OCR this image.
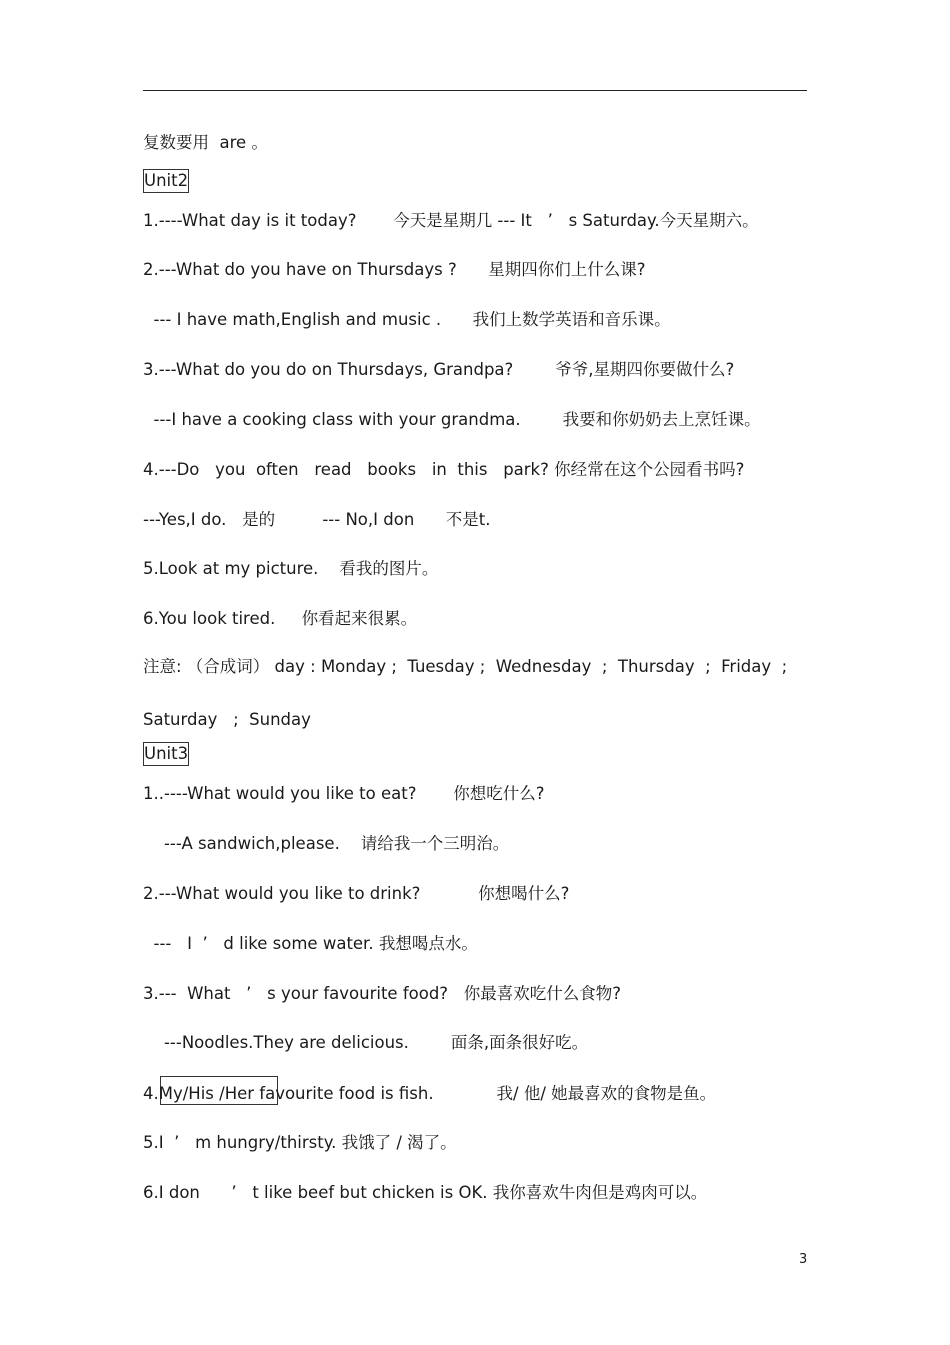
复数要用  are 。
Unit2
1.----What day is it today?       今天是星期几 --- It   ’   s Saturday.今天星期六。
2.---What do you have on Thursdays ?      星期四你们上什么课?
--- I have math,English and music .      我们上数学英语和音乐课。
3.---What do you do on Thursdays, Grandpa?        爷爷,星期四你要做什么?
---I have a cooking class with your grandma.        我要和你奶奶去上烹饪课。
4.---Do   you  often   read   books   in  this   park? 你经常在这个公园看书吗?
---Yes,I do.   是的         --- No,I don      不是t.
5.Look at my picture.    看我的图片。
6.You look tired.     你看起来很累。
注意: （合成词） day : Monday ;  Tuesday ;  Wednesday  ;  Thursday  ;  Friday  ;
Saturday   ;  Sunday
Unit3
1..----What would you like to eat?       你想吃什么?
---A sandwich,please.    请给我一个三明治。
2.---What would you like to drink?           你想喝什么?
---   I  ’   d like some water. 我想喝点水。
3.---  What   ’   s your favourite food?   你最喜欢吃什么食物?
---Noodles.They are delicious.        面条,面条很好吃。
4.My/His /Her favourite food is fish.            我/ 他/ 她最喜欢的食物是鱼。
5.I  ’   m hungry/thirsty. 我饿了 / 渴了。
6.I don      ’   t like beef but chicken is OK. 我你喜欢牛肉但是鸡肉可以。
3
